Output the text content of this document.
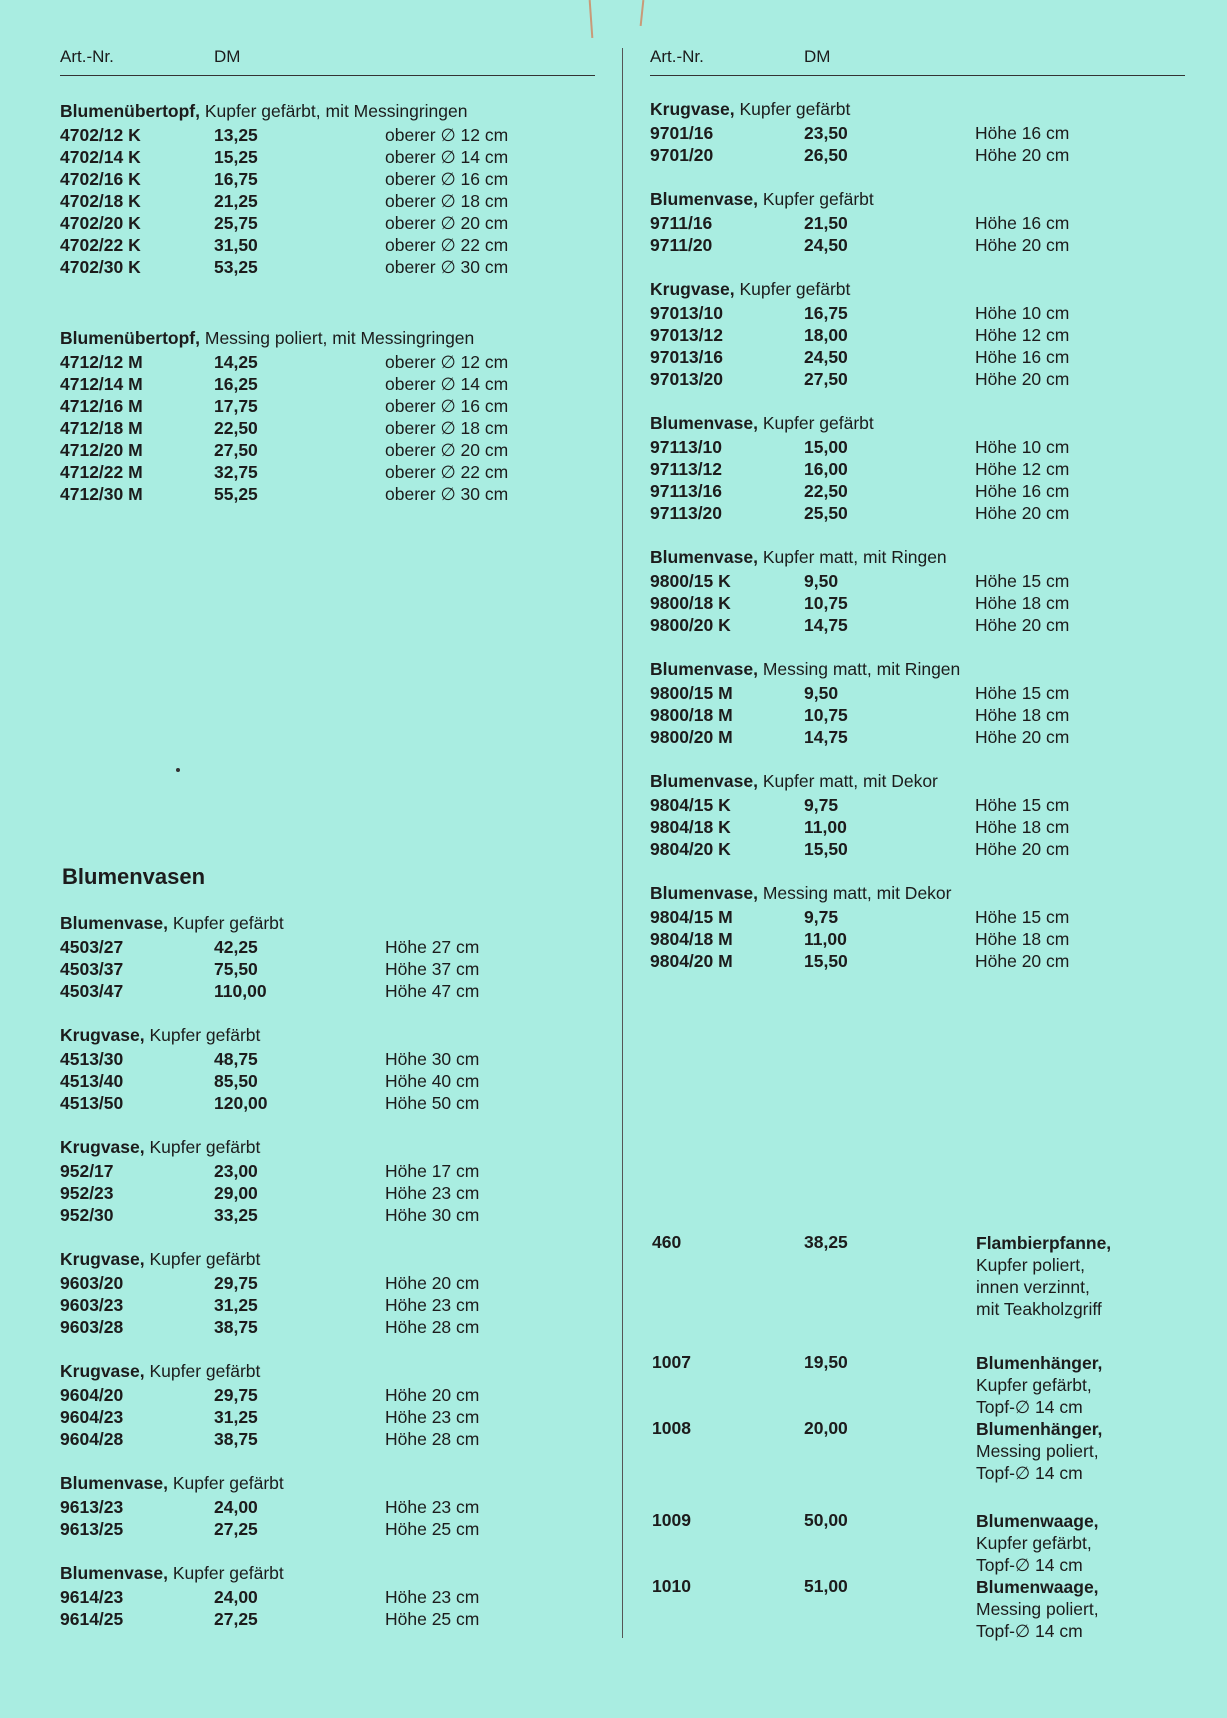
Art.-Nr.	DM
Blumenvasen
Blumenübertopf, Kupfer gefärbt, mit Messingringen
4702/12 K	13,25	oberer ∅ 12 cm
4702/14 K	15,25	oberer ∅ 14 cm
4702/16 K	16,75	oberer ∅ 16 cm
4702/18 K	21,25	oberer ∅ 18 cm
4702/20 K	25,75	oberer ∅ 20 cm
4702/22 K	31,50	oberer ∅ 22 cm
4702/30 K	53,25	oberer ∅ 30 cm
Blumenübertopf, Messing poliert, mit Messingringen
4712/12 M	14,25	oberer ∅ 12 cm
4712/14 M	16,25	oberer ∅ 14 cm
4712/16 M	17,75	oberer ∅ 16 cm
4712/18 M	22,50	oberer ∅ 18 cm
4712/20 M	27,50	oberer ∅ 20 cm
4712/22 M	32,75	oberer ∅ 22 cm
4712/30 M	55,25	oberer ∅ 30 cm
Blumenvase, Kupfer gefärbt
4503/27	42,25	Höhe 27 cm
4503/37	75,50	Höhe 37 cm
4503/47	110,00	Höhe 47 cm
Krugvase, Kupfer gefärbt
4513/30	48,75	Höhe 30 cm
4513/40	85,50	Höhe 40 cm
4513/50	120,00	Höhe 50 cm
Krugvase, Kupfer gefärbt
952/17	23,00	Höhe 17 cm
952/23	29,00	Höhe 23 cm
952/30	33,25	Höhe 30 cm
Krugvase, Kupfer gefärbt
9603/20	29,75	Höhe 20 cm
9603/23	31,25	Höhe 23 cm
9603/28	38,75	Höhe 28 cm
Krugvase, Kupfer gefärbt
9604/20	29,75	Höhe 20 cm
9604/23	31,25	Höhe 23 cm
9604/28	38,75	Höhe 28 cm
Blumenvase, Kupfer gefärbt
9613/23	24,00	Höhe 23 cm
9613/25	27,25	Höhe 25 cm
Blumenvase, Kupfer gefärbt
9614/23	24,00	Höhe 23 cm
9614/25	27,25	Höhe 25 cm
Art.-Nr.	DM
Krugvase, Kupfer gefärbt
9701/16	23,50	Höhe 16 cm
9701/20	26,50	Höhe 20 cm
Blumenvase, Kupfer gefärbt
9711/16	21,50	Höhe 16 cm
9711/20	24,50	Höhe 20 cm
Krugvase, Kupfer gefärbt
97013/10	16,75	Höhe 10 cm
97013/12	18,00	Höhe 12 cm
97013/16	24,50	Höhe 16 cm
97013/20	27,50	Höhe 20 cm
Blumenvase, Kupfer gefärbt
97113/10	15,00	Höhe 10 cm
97113/12	16,00	Höhe 12 cm
97113/16	22,50	Höhe 16 cm
97113/20	25,50	Höhe 20 cm
Blumenvase, Kupfer matt, mit Ringen
9800/15 K	9,50	Höhe 15 cm
9800/18 K	10,75	Höhe 18 cm
9800/20 K	14,75	Höhe 20 cm
Blumenvase, Messing matt, mit Ringen
9800/15 M	9,50	Höhe 15 cm
9800/18 M	10,75	Höhe 18 cm
9800/20 M	14,75	Höhe 20 cm
Blumenvase, Kupfer matt, mit Dekor
9804/15 K	9,75	Höhe 15 cm
9804/18 K	11,00	Höhe 18 cm
9804/20 K	15,50	Höhe 20 cm
Blumenvase, Messing matt, mit Dekor
9804/15 M	9,75	Höhe 15 cm
9804/18 M	11,00	Höhe 18 cm
9804/20 M	15,50	Höhe 20 cm
460	38,25	Flambierpfanne,
Kupfer poliert,
innen verzinnt,
mit Teakholzgriff
1007	19,50	Blumenhänger,
Kupfer gefärbt,
Topf-∅ 14 cm
1008	20,00	Blumenhänger,
Messing poliert,
Topf-∅ 14 cm
1009	50,00	Blumenwaage,
Kupfer gefärbt,
Topf-∅ 14 cm
1010	51,00	Blumenwaage,
Messing poliert,
Topf-∅ 14 cm
